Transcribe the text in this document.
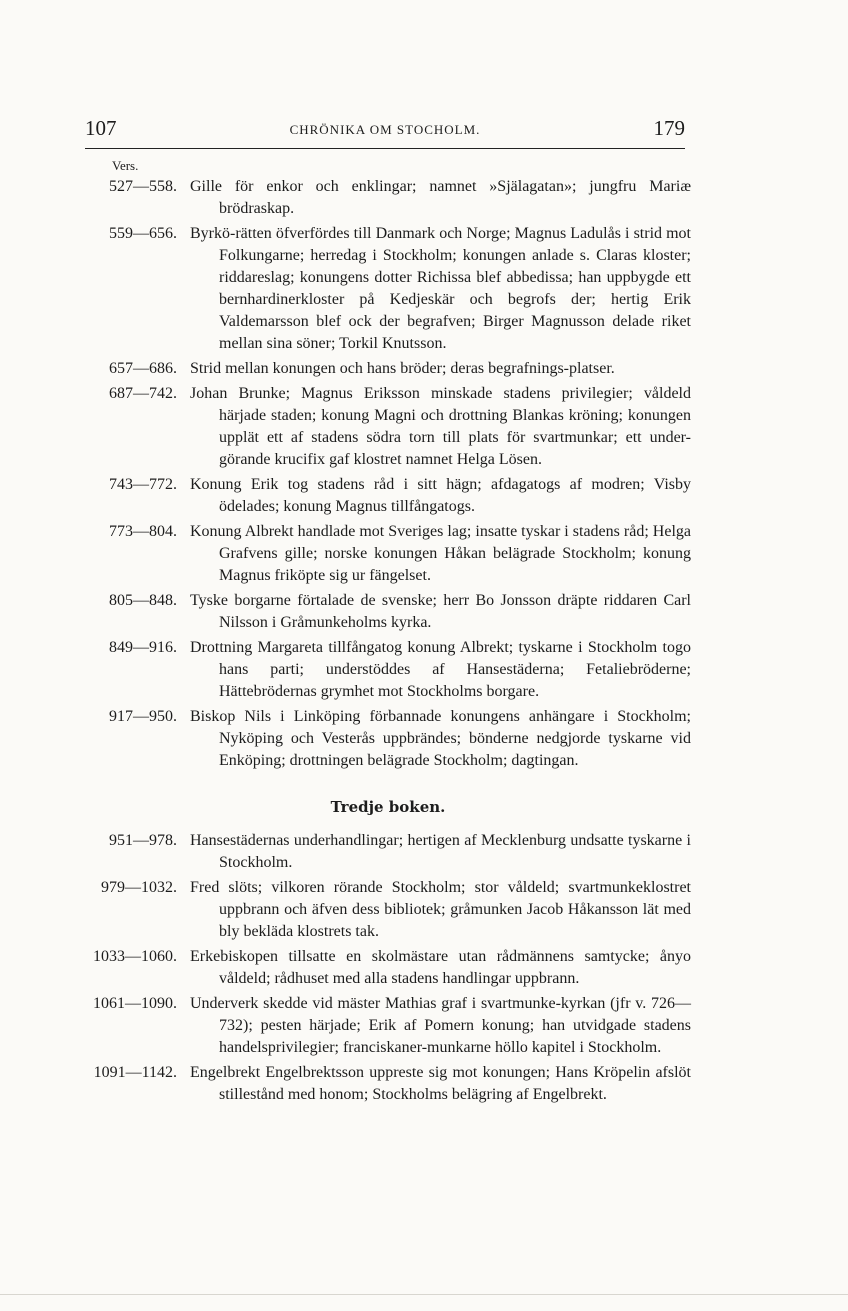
107	CHRÖNIKA OM STOCHOLM.	179
Vers.
527—558. Gille för enkor och enklingar; namnet »Själagatan»; jungfru Mariæ brödraskap.
559—656. Byrkö-rätten öfverfördes till Danmark och Norge; Magnus Ladulås i strid mot Folkungarne; herredag i Stockholm; konungen anlade s. Claras kloster; riddareslag; konungens dotter Richissa blef abbedissa; han uppbygde ett bernhardinerkloster på Kedjeskär och begrofs der; hertig Erik Valdemarsson blef ock der begrafven; Birger Magnusson delade riket mellan sina söner; Torkil Knutsson.
657—686. Strid mellan konungen och hans bröder; deras begrafnings-platser.
687—742. Johan Brunke; Magnus Eriksson minskade stadens privilegier; våldeld härjade staden; konung Magni och drottning Blankas kröning; konungen upplät ett af stadens södra torn till plats för svartmunkar; ett under-görande krucifix gaf klostret namnet Helga Lösen.
743—772. Konung Erik tog stadens råd i sitt hägn; afdagatogs af modren; Visby ödelades; konung Magnus tillfångatogs.
773—804. Konung Albrekt handlade mot Sveriges lag; insatte tyskar i stadens råd; Helga Grafvens gille; norske konungen Håkan belägrade Stockholm; konung Magnus friköpte sig ur fängelset.
805—848. Tyske borgarne förtalade de svenske; herr Bo Jonsson dräpte riddaren Carl Nilsson i Gråmunkeholms kyrka.
849—916. Drottning Margareta tillfångatog konung Albrekt; tyskarne i Stockholm togo hans parti; understöddes af Hansestäderna; Fetaliebröderne; Hättebrödernas grymhet mot Stockholms borgare.
917—950. Biskop Nils i Linköping förbannade konungens anhängare i Stockholm; Nyköping och Vesterås uppbrändes; bönderne nedgjorde tyskarne vid Enköping; drottningen belägrade Stockholm; dagtingan.
Tredje boken.
951—978. Hansestädernas underhandlingar; hertigen af Mecklenburg undsatte tyskarne i Stockholm.
979—1032. Fred slöts; vilkoren rörande Stockholm; stor våldeld; svartmunkeklostret uppbrann och äfven dess bibliotek; gråmunken Jacob Håkansson lät med bly bekläda klostrets tak.
1033—1060. Erkebiskopen tillsatte en skolmästare utan rådmännens samtycke; ånyo våldeld; rådhuset med alla stadens handlingar uppbrann.
1061—1090. Underverk skedde vid mäster Mathias graf i svartmunke-kyrkan (jfr v. 726—732); pesten härjade; Erik af Pomern konung; han utvidgade stadens handelsprivilegier; franciskaner-munkarne höllo kapitel i Stockholm.
1091—1142. Engelbrekt Engelbrektsson uppreste sig mot konungen; Hans Kröpelin afslöt stillestånd med honom; Stockholms belägring af Engelbrekt.
